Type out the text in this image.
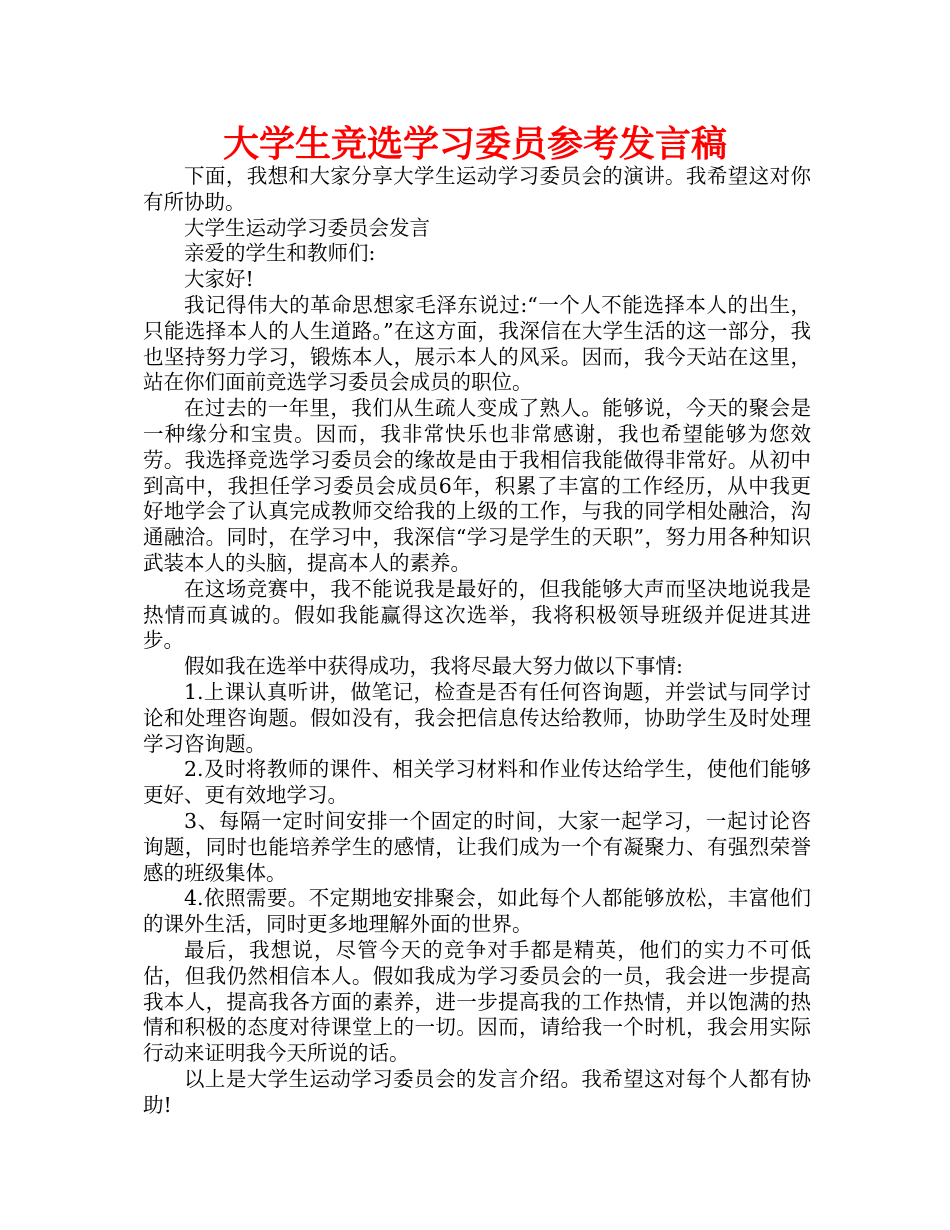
大学生竞选学习委员参考发言稿

下面，我想和大家分享大学生运动学习委员会的演讲。我希望这对你有所协助。

大学生运动学习委员会发言

亲爱的学生和教师们:

大家好!

我记得伟大的革命思想家毛泽东说过:“一个人不能选择本人的出生，只能选择本人的人生道路。”在这方面，我深信在大学生活的这一部分，我也坚持努力学习，锻炼本人，展示本人的风采。因而，我今天站在这里，站在你们面前竞选学习委员会成员的职位。

在过去的一年里，我们从生疏人变成了熟人。能够说，今天的聚会是一种缘分和宝贵。因而，我非常快乐也非常感谢，我也希望能够为您效劳。我选择竞选学习委员会的缘故是由于我相信我能做得非常好。从初中到高中，我担任学习委员会成员6年，积累了丰富的工作经历，从中我更好地学会了认真完成教师交给我的上级的工作，与我的同学相处融洽，沟通融洽。同时，在学习中，我深信“学习是学生的天职”，努力用各种知识武装本人的头脑，提高本人的素养。

在这场竞赛中，我不能说我是最好的，但我能够大声而坚决地说我是热情而真诚的。假如我能赢得这次选举，我将积极领导班级并促进其进步。

假如我在选举中获得成功，我将尽最大努力做以下事情:

1.上课认真听讲，做笔记，检查是否有任何咨询题，并尝试与同学讨论和处理咨询题。假如没有，我会把信息传达给教师，协助学生及时处理学习咨询题。

2.及时将教师的课件、相关学习材料和作业传达给学生，使他们能够更好、更有效地学习。

3、每隔一定时间安排一个固定的时间，大家一起学习，一起讨论咨询题，同时也能培养学生的感情，让我们成为一个有凝聚力、有强烈荣誉感的班级集体。

4.依照需要。不定期地安排聚会，如此每个人都能够放松，丰富他们的课外生活，同时更多地理解外面的世界。

最后，我想说，尽管今天的竞争对手都是精英，他们的实力不可低估，但我仍然相信本人。假如我成为学习委员会的一员，我会进一步提高我本人，提高我各方面的素养，进一步提高我的工作热情，并以饱满的热情和积极的态度对待课堂上的一切。因而，请给我一个时机，我会用实际行动来证明我今天所说的话。

以上是大学生运动学习委员会的发言介绍。我希望这对每个人都有协助!
